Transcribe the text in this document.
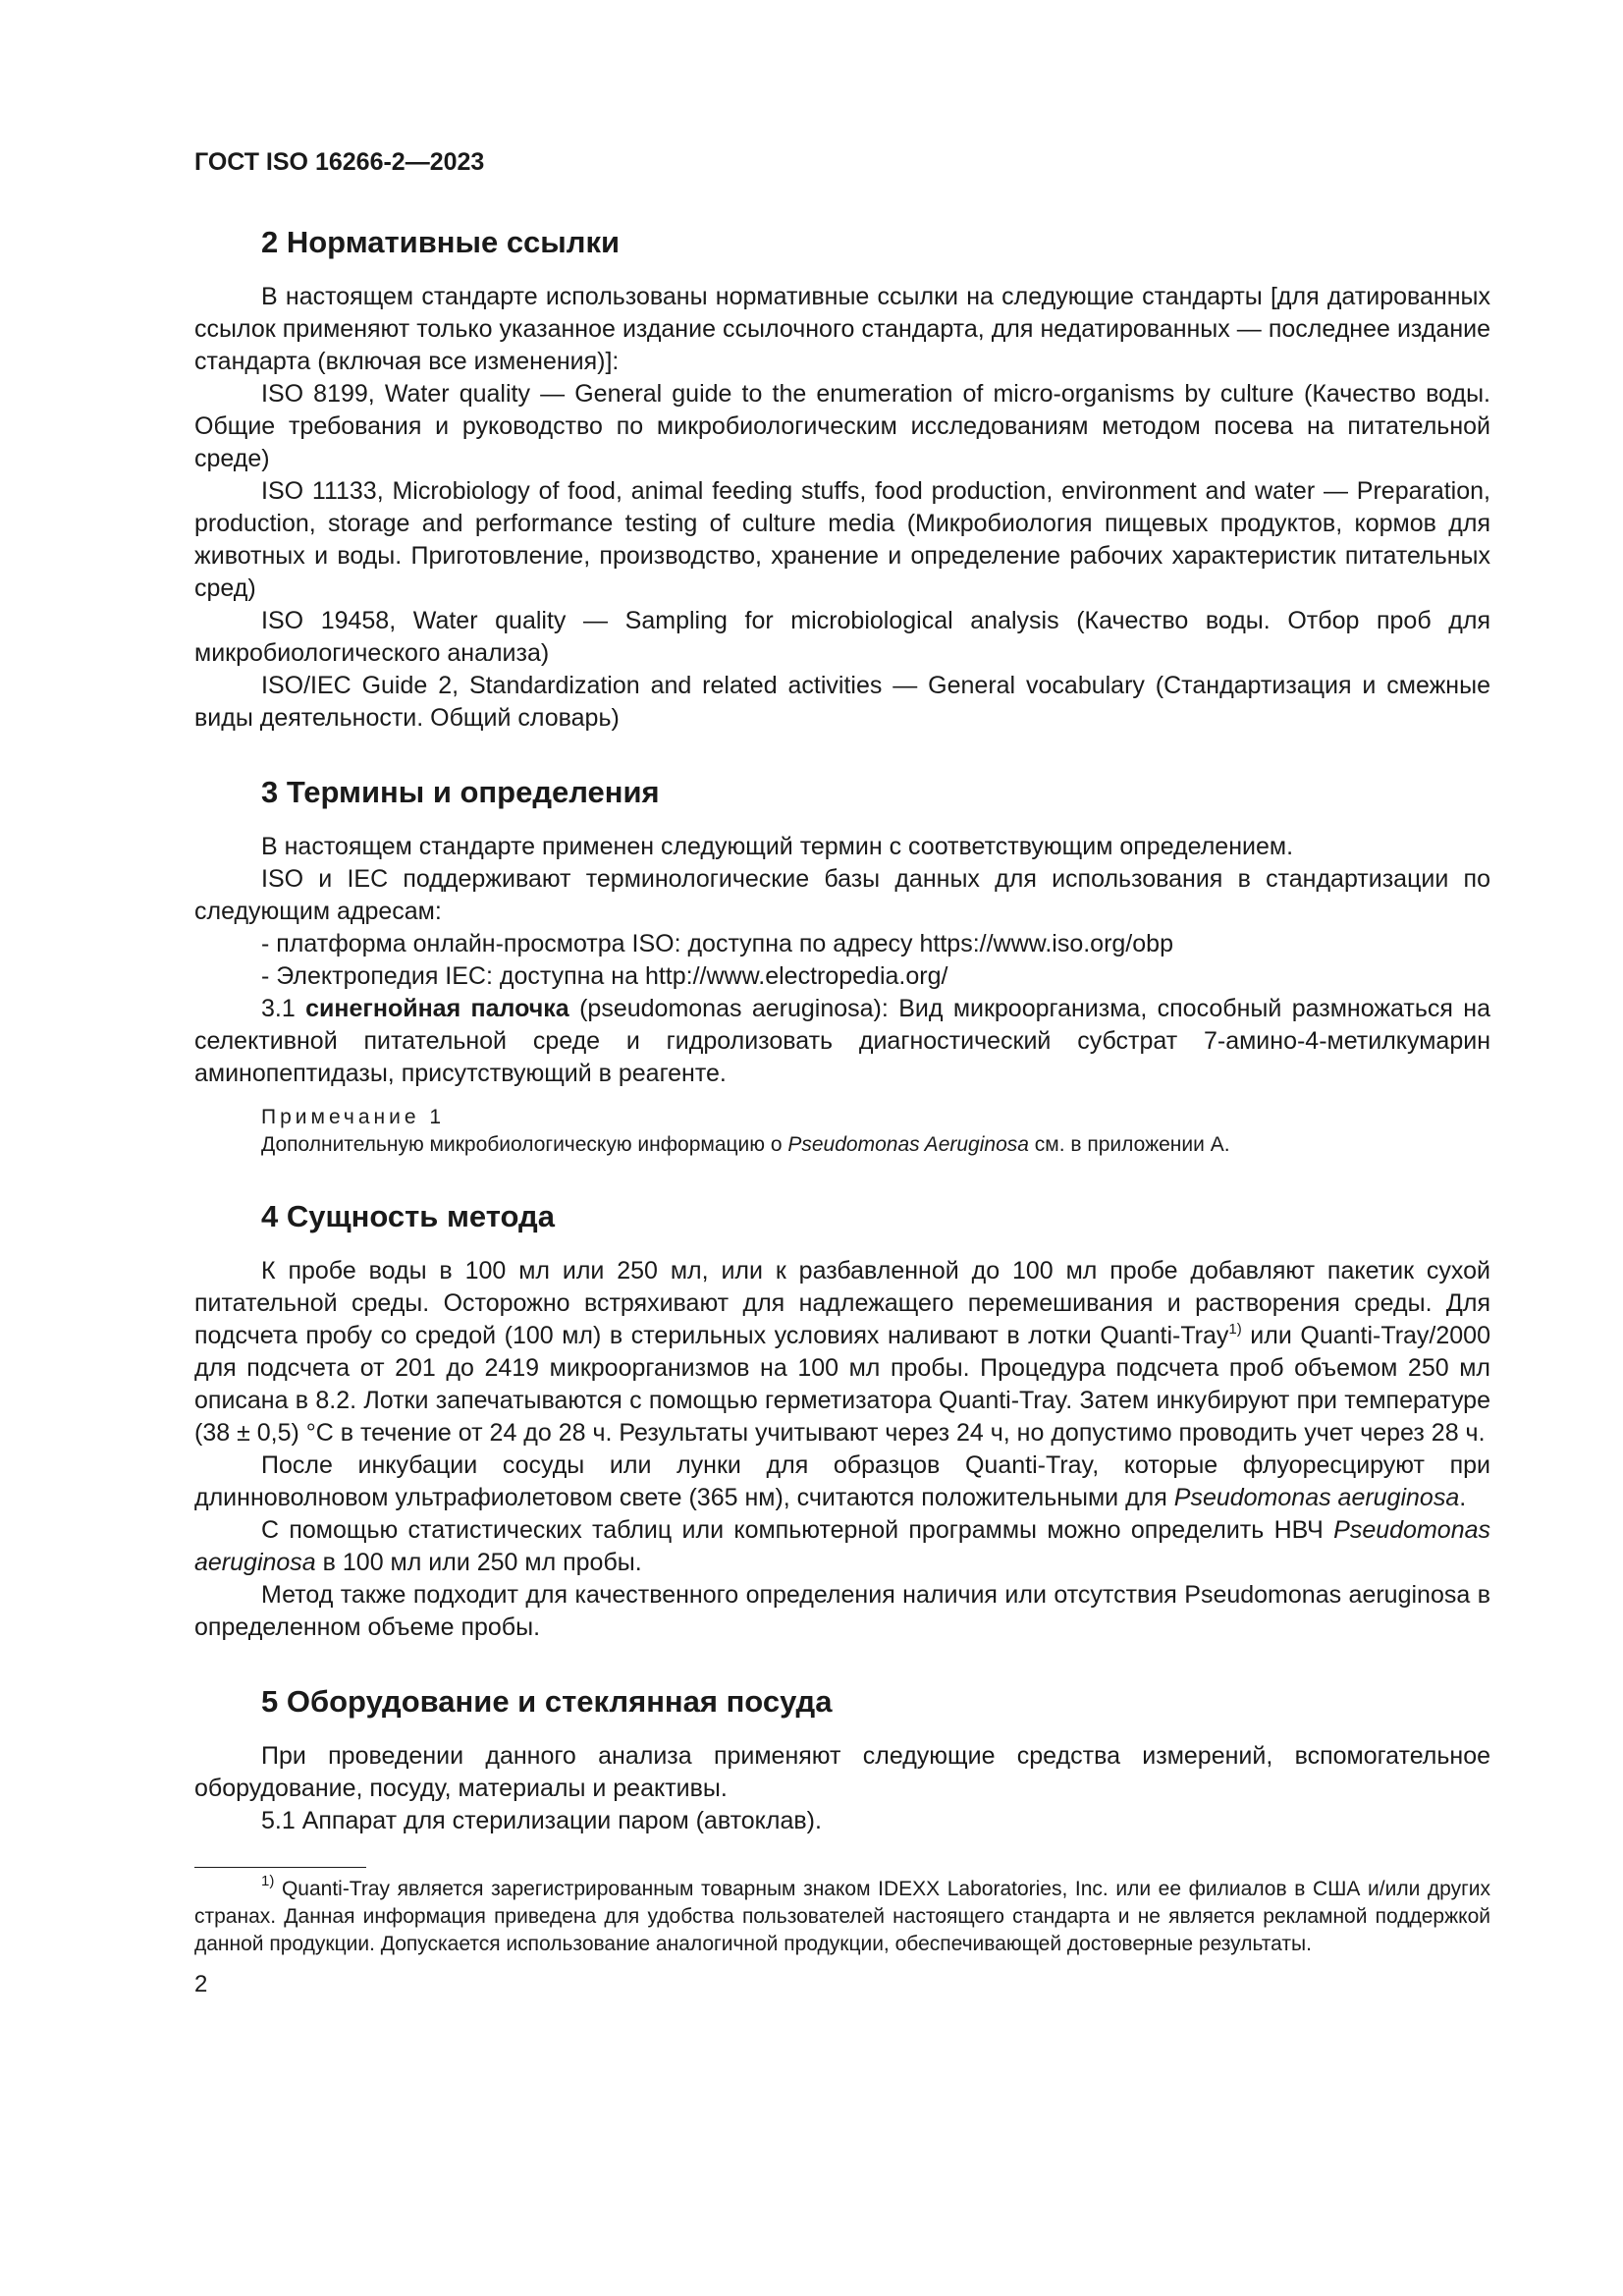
ГОСТ ISO 16266-2—2023
2 Нормативные ссылки

В настоящем стандарте использованы нормативные ссылки на следующие стандарты [для датированных ссылок применяют только указанное издание ссылочного стандарта, для недатированных — последнее издание стандарта (включая все изменения)]:

ISO 8199, Water quality — General guide to the enumeration of micro-organisms by culture (Качество воды. Общие требования и руководство по микробиологическим исследованиям методом посева на питательной среде)

ISO 11133, Microbiology of food, animal feeding stuffs, food production, environment and water — Preparation, production, storage and performance testing of culture media (Микробиология пищевых продуктов, кормов для животных и воды. Приготовление, производство, хранение и определение рабочих характеристик питательных сред)

ISO 19458, Water quality — Sampling for microbiological analysis (Качество воды. Отбор проб для микробиологического анализа)

ISO/IEC Guide 2, Standardization and related activities — General vocabulary (Стандартизация и смежные виды деятельности. Общий словарь)

3 Термины и определения

В настоящем стандарте применен следующий термин с соответствующим определением.

ISO и IEC поддерживают терминологические базы данных для использования в стандартизации по следующим адресам:

- платформа онлайн-просмотра ISO: доступна по адресу https://www.iso.org/obp

- Электропедия IEC: доступна на http://www.electropedia.org/

3.1 синегнойная палочка (pseudomonas aeruginosa): Вид микроорганизма, способный размножаться на селективной питательной среде и гидролизовать диагностический субстрат 7-амино-4-метилкумарин аминопептидазы, присутствующий в реагенте.

Примечание 1

Дополнительную микробиологическую информацию о Pseudomonas Aeruginosa см. в приложении А.

4 Сущность метода

К пробе воды в 100 мл или 250 мл, или к разбавленной до 100 мл пробе добавляют пакетик сухой питательной среды. Осторожно встряхивают для надлежащего перемешивания и растворения среды. Для подсчета пробу со средой (100 мл) в стерильных условиях наливают в лотки Quanti-Tray$^{1)}$ или Quanti-Tray/2000 для подсчета от 201 до 2419 микроорганизмов на 100 мл пробы. Процедура подсчета проб объемом 250 мл описана в 8.2. Лотки запечатываются с помощью герметизатора Quanti-Tray. Затем инкубируют при температуре (38 ± 0,5) °С в течение от 24 до 28 ч. Результаты учитывают через 24 ч, но допустимо проводить учет через 28 ч.

После инкубации сосуды или лунки для образцов Quanti-Tray, которые флуоресцируют при длинноволновом ультрафиолетовом свете (365 нм), считаются положительными для Pseudomonas aeruginosa.

С помощью статистических таблиц или компьютерной программы можно определить НВЧ Pseudomonas aeruginosa в 100 мл или 250 мл пробы.

Метод также подходит для качественного определения наличия или отсутствия Pseudomonas aeruginosa в определенном объеме пробы.

5 Оборудование и стеклянная посуда

При проведении данного анализа применяют следующие средства измерений, вспомогательное оборудование, посуду, материалы и реактивы.

5.1 Аппарат для стерилизации паром (автоклав).

$^{1)}$ Quanti-Tray является зарегистрированным товарным знаком IDEXX Laboratories, Inc. или ее филиалов в США и/или других странах. Данная информация приведена для удобства пользователей настоящего стандарта и не является рекламной поддержкой данной продукции. Допускается использование аналогичной продукции, обеспечивающей достоверные результаты.

2
